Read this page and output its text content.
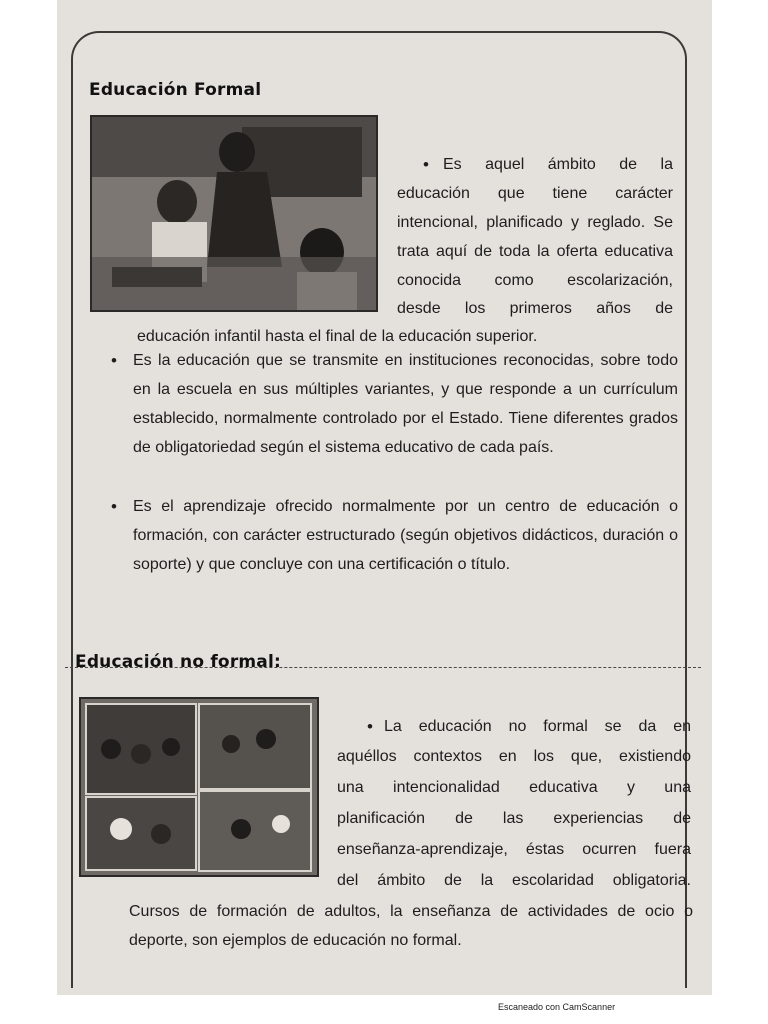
Educación Formal
• Es aquel ámbito de la

educación que tiene carácter

intencional, planificado y reglado. Se

trata aquí de toda la oferta educativa

conocida como escolarización,

desde los primeros años de

educación infantil hasta el final de la educación superior.

• Es la educación que se transmite en instituciones reconocidas, sobre todo en la escuela en sus múltiples variantes, y que responde a un currículum establecido, normalmente controlado por el Estado. Tiene diferentes grados de obligatoriedad según el sistema educativo de cada país.

• Es el aprendizaje ofrecido normalmente por un centro de educación o formación, con carácter estructurado (según objetivos didácticos, duración o soporte) y que concluye con una certificación o título.

Educación no formal:
• La educación no formal se da en

aquéllos contextos en los que, existiendo

una intencionalidad educativa y una

planificación de las experiencias de

enseñanza-aprendizaje, éstas ocurren fuera

del ámbito de la escolaridad obligatoria.

Cursos de formación de adultos, la enseñanza de actividades de ocio o deporte, son ejemplos de educación no formal.

Escaneado con CamScanner
